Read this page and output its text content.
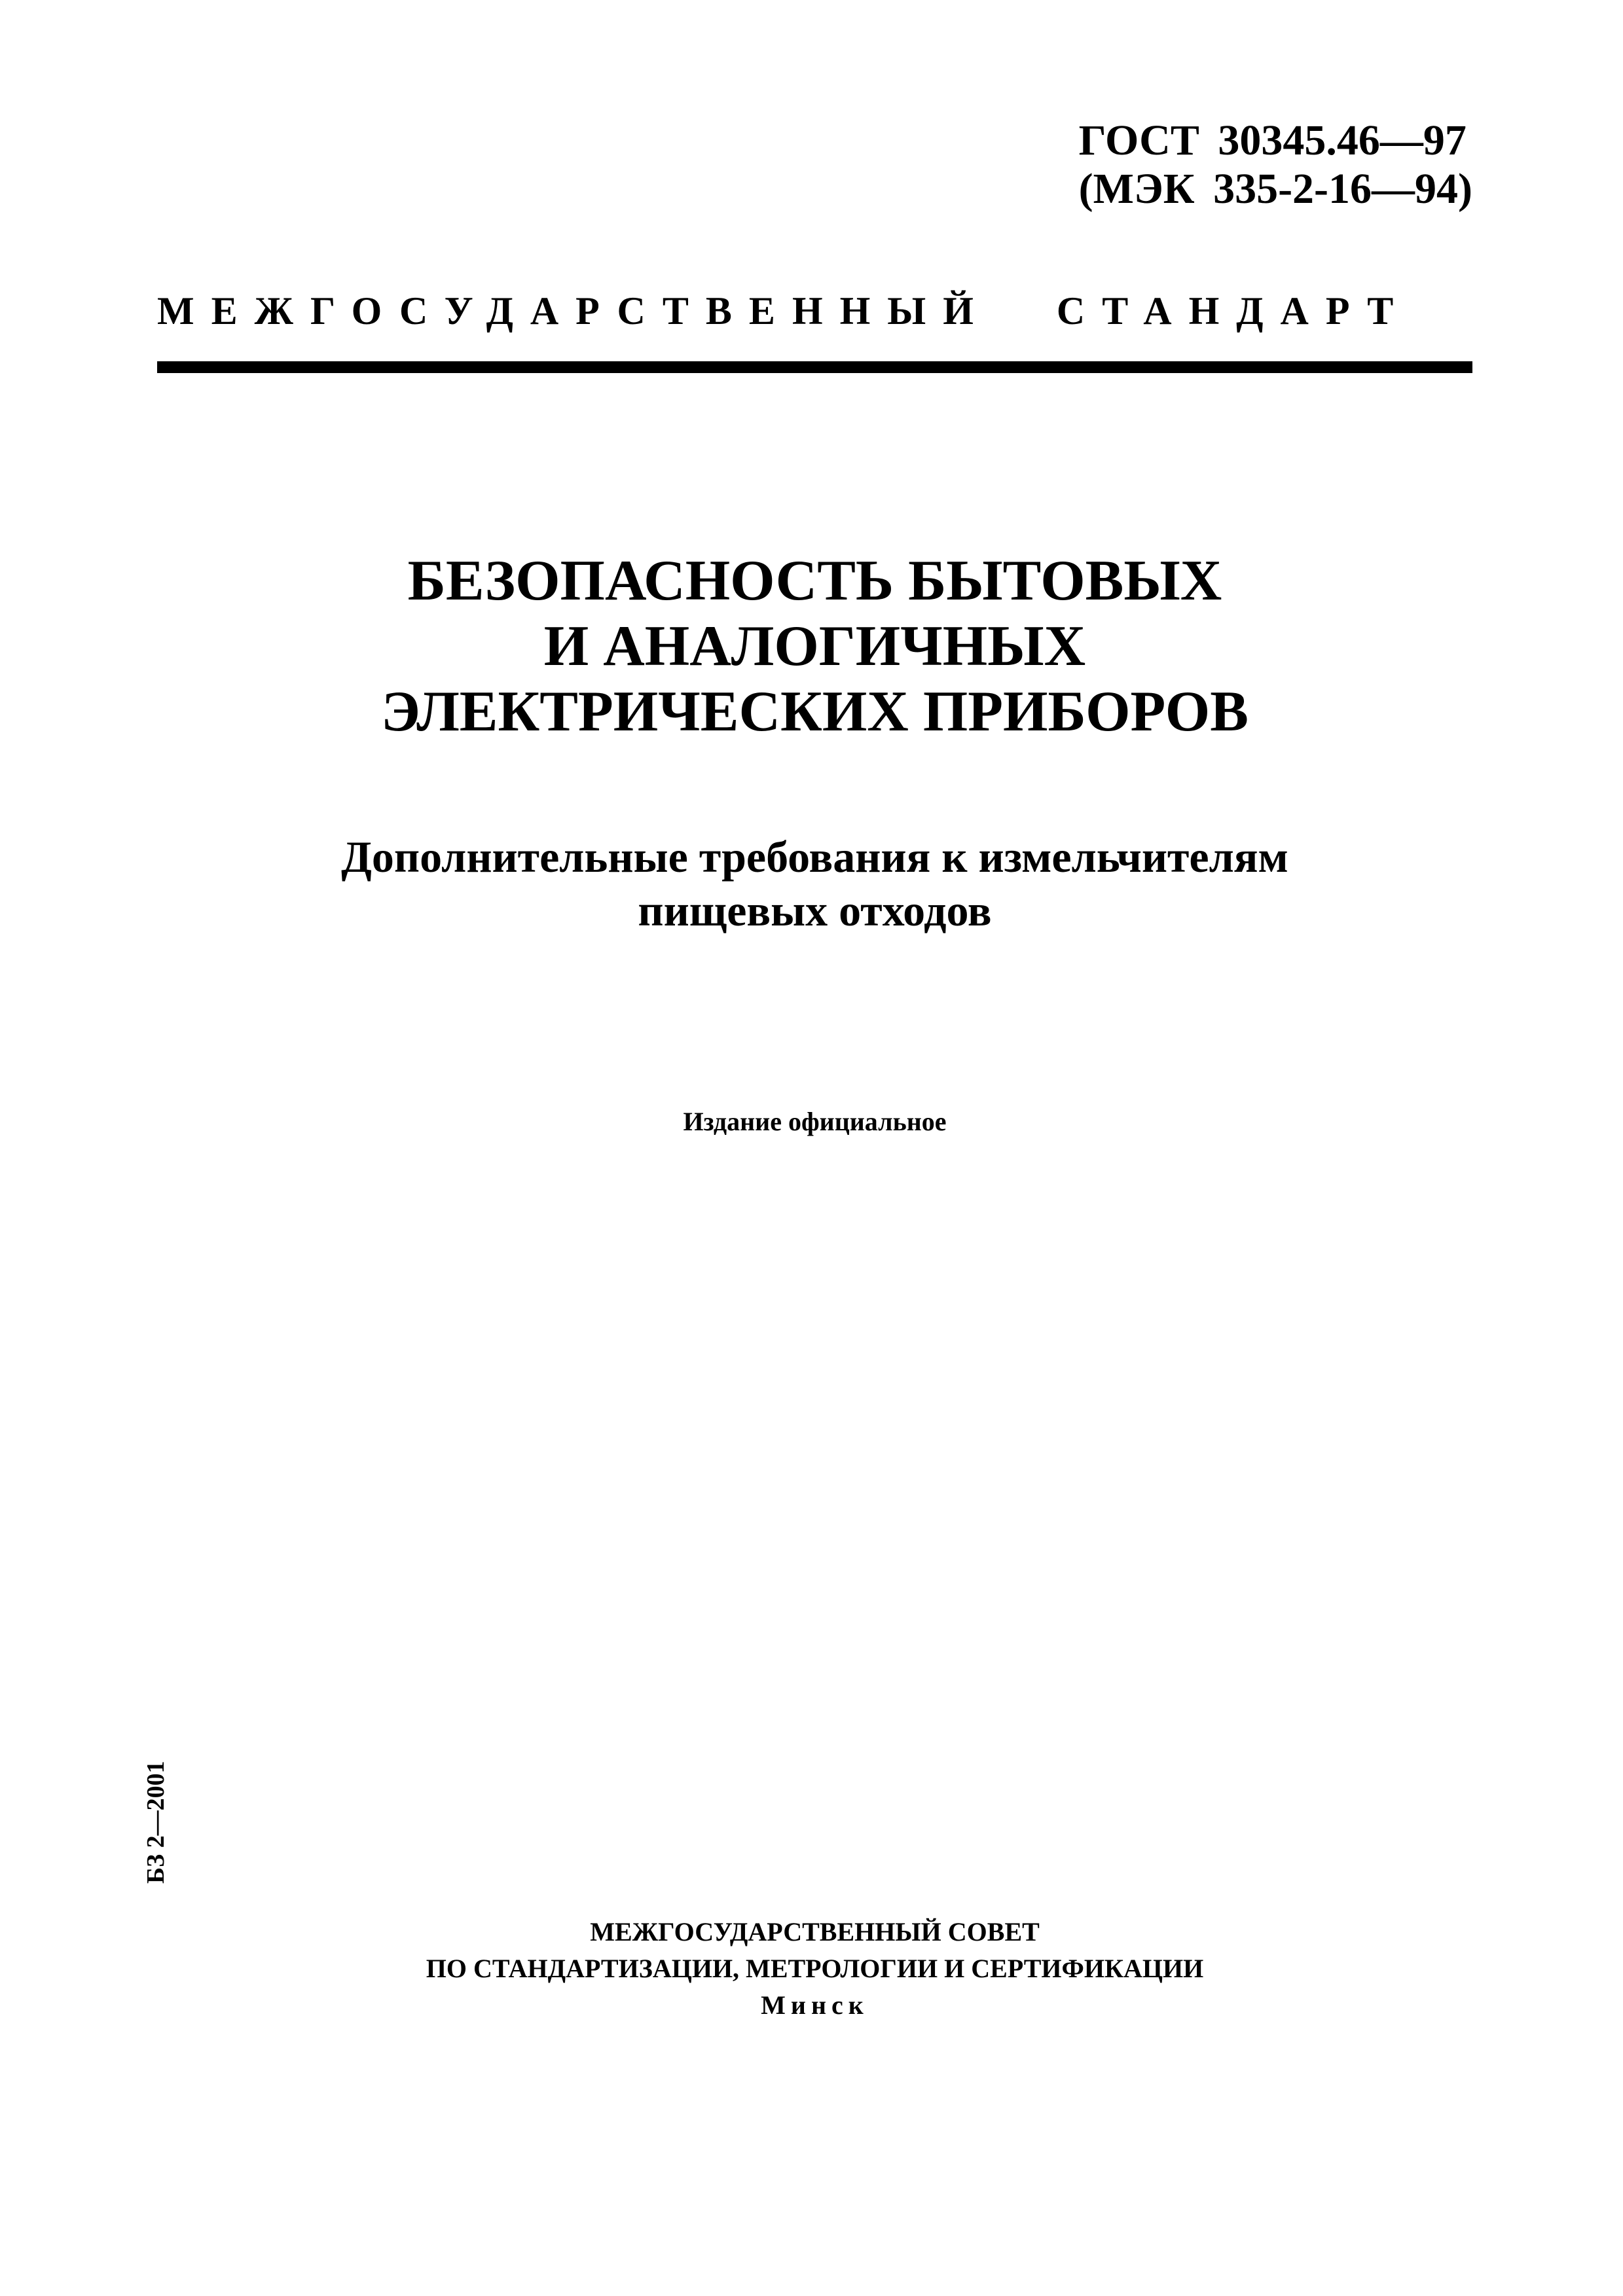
ГОСТ 30345.46—97
(МЭК 335-2-16—94)
МЕЖГОСУДАРСТВЕННЫЙ СТАНДАРТ
БЕЗОПАСНОСТЬ БЫТОВЫХ
И АНАЛОГИЧНЫХ
ЭЛЕКТРИЧЕСКИХ ПРИБОРОВ
Дополнительные требования к измельчителям
пищевых отходов
Издание официальное
БЗ 2—2001
МЕЖГОСУДАРСТВЕННЫЙ СОВЕТ
ПО СТАНДАРТИЗАЦИИ, МЕТРОЛОГИИ И СЕРТИФИКАЦИИ
Минск
